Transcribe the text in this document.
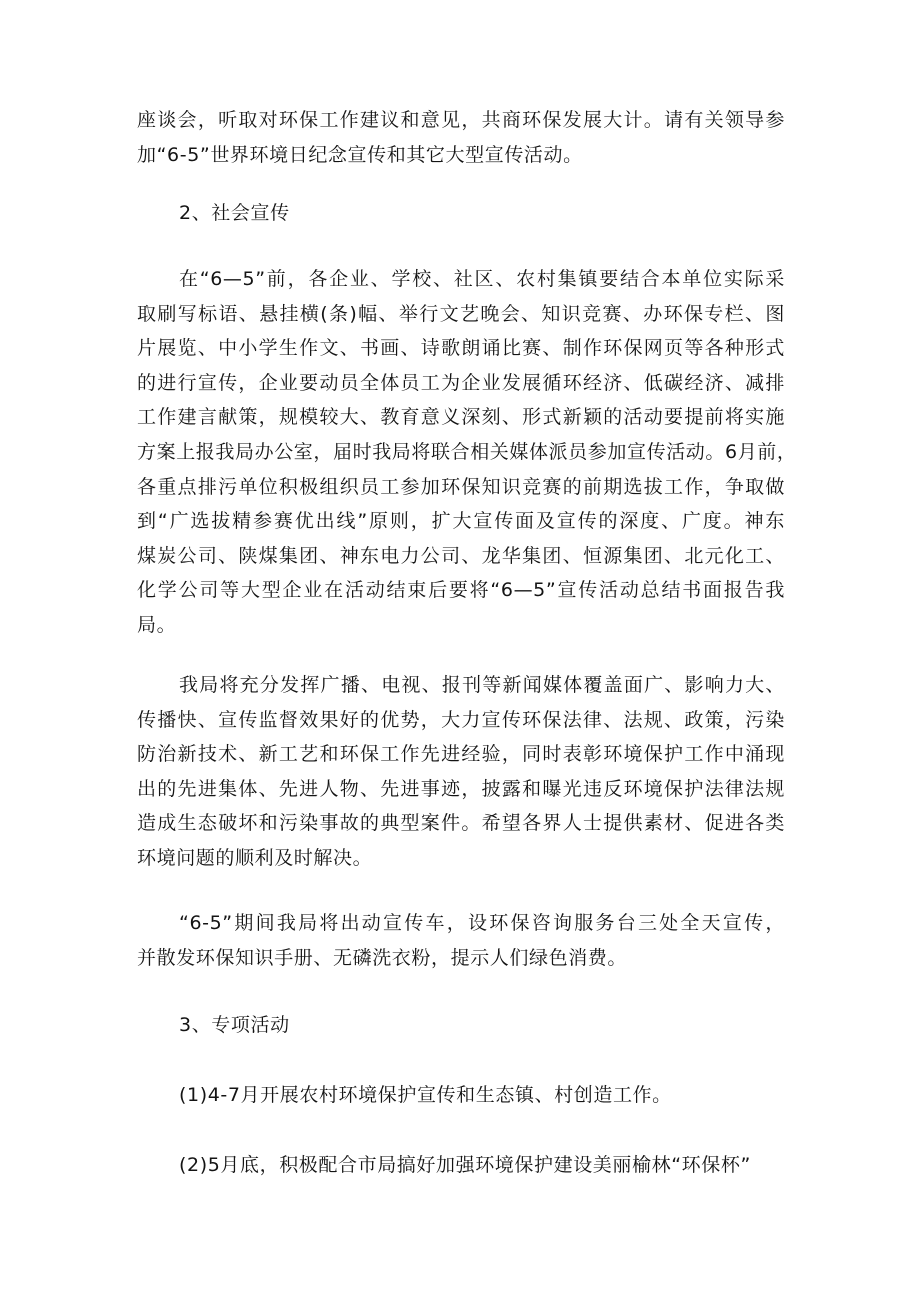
座谈会，听取对环保工作建议和意见，共商环保发展大计。请有关领导参
加“6-5”世界环境日纪念宣传和其它大型宣传活动。

2、社会宣传

在“6—5”前，各企业、学校、社区、农村集镇要结合本单位实际采
取刷写标语、悬挂横(条)幅、举行文艺晚会、知识竞赛、办环保专栏、图
片展览、中小学生作文、书画、诗歌朗诵比赛、制作环保网页等各种形式
的进行宣传，企业要动员全体员工为企业发展循环经济、低碳经济、减排
工作建言献策，规模较大、教育意义深刻、形式新颖的活动要提前将实施
方案上报我局办公室，届时我局将联合相关媒体派员参加宣传活动。6月前，
各重点排污单位积极组织员工参加环保知识竞赛的前期选拔工作，争取做
到“广选拔精参赛优出线”原则，扩大宣传面及宣传的深度、广度。神东
煤炭公司、陕煤集团、神东电力公司、龙华集团、恒源集团、北元化工、
化学公司等大型企业在活动结束后要将“6—5”宣传活动总结书面报告我
局。

我局将充分发挥广播、电视、报刊等新闻媒体覆盖面广、影响力大、
传播快、宣传监督效果好的优势，大力宣传环保法律、法规、政策，污染
防治新技术、新工艺和环保工作先进经验，同时表彰环境保护工作中涌现
出的先进集体、先进人物、先进事迹，披露和曝光违反环境保护法律法规
造成生态破坏和污染事故的典型案件。希望各界人士提供素材、促进各类
环境问题的顺利及时解决。

“6-5”期间我局将出动宣传车，设环保咨询服务台三处全天宣传，
并散发环保知识手册、无磷洗衣粉，提示人们绿色消费。

3、专项活动

(1)4-7月开展农村环境保护宣传和生态镇、村创造工作。

(2)5月底，积极配合市局搞好加强环境保护建设美丽榆林“环保杯”
